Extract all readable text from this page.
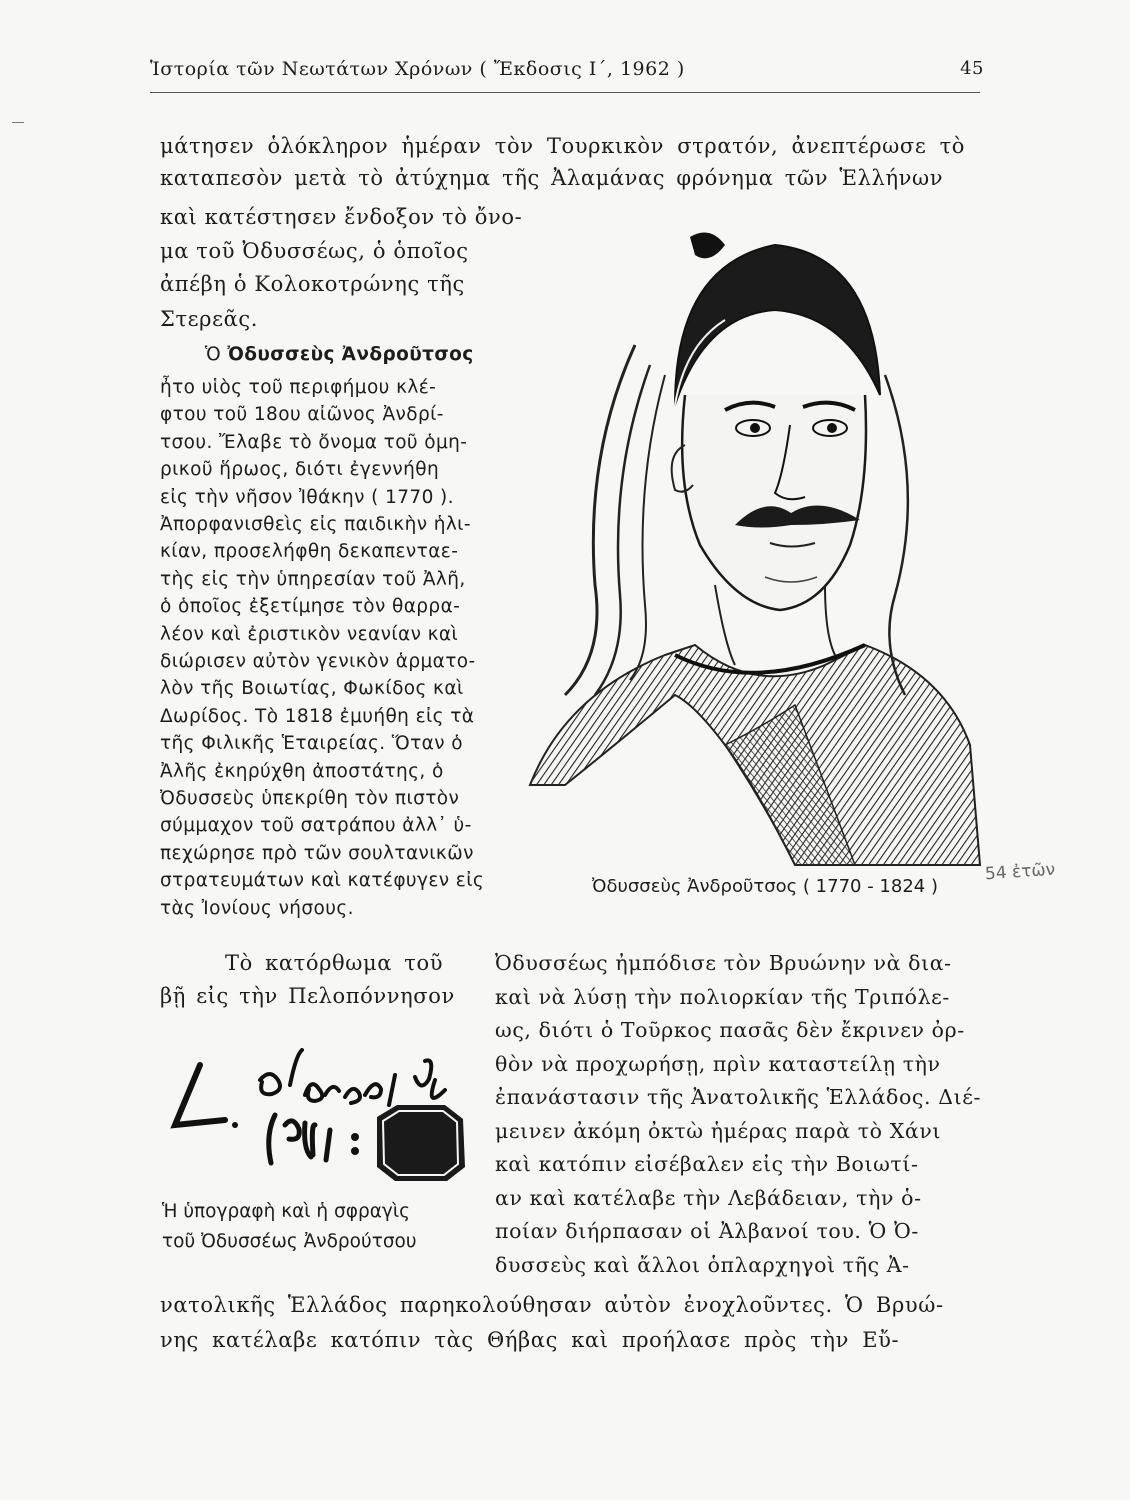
Ἱστορία τῶν Νεωτάτων Χρόνων ( Ἔκδοσις Ι΄, 1962 )	45
μάτησεν ὁλόκληρον ἡμέραν τὸν Τουρκικὸν στρατόν, ἀνεπτέρωσε τὸ
καταπεσὸν μετὰ τὸ ἀτύχημα τῆς Ἀλαμάνας φρόνημα τῶν Ἑλλήνων
καὶ κατέστησεν ἔνδοξον τὸ ὄνο-
μα τοῦ Ὀδυσσέως, ὁ ὁποῖος
ἀπέβη ὁ Κολοκοτρώνης τῆς
Στερεᾶς.
Ὁ Ὀδυσσεὺς Ἀνδροῦτσος
ἦτο υἱὸς τοῦ περιφήμου κλέ-
φτου τοῦ 18ου αἰῶνος Ἀνδρί-
τσου. Ἔλαβε τὸ ὄνομα τοῦ ὁμη-
ρικοῦ ἥρωος, διότι ἐγεννήθη
εἰς τὴν νῆσον Ἰθάκην ( 1770 ).
Ἀπορφανισθεὶς εἰς παιδικὴν ἡλι-
κίαν, προσελήφθη δεκαπενταε-
τὴς εἰς τὴν ὑπηρεσίαν τοῦ Ἀλῆ,
ὁ ὁποῖος ἐξετίμησε τὸν θαρρα-
λέον καὶ ἐριστικὸν νεανίαν καὶ
διώρισεν αὐτὸν γενικὸν ἁρματο-
λὸν τῆς Βοιωτίας, Φωκίδος καὶ
Δωρίδος. Τὸ 1818 ἐμυήθη εἰς τὰ
τῆς Φιλικῆς Ἑταιρείας. Ὅταν ὁ
Ἀλῆς ἐκηρύχθη ἀποστάτης, ὁ
Ὀδυσσεὺς ὑπεκρίθη τὸν πιστὸν
σύμμαχον τοῦ σατράπου ἀλλ᾽ ὑ-
πεχώρησε πρὸ τῶν σουλτανικῶν
στρατευμάτων καὶ κατέφυγεν εἰς
τὰς Ἰονίους νήσους.
Ὀδυσσεὺς Ἀνδροῦτσος ( 1770 - 1824 )
54 ἐτῶν
Τὸ κατόρθωμα τοῦ
βῇ εἰς τὴν Πελοπόννησον
Ὀδυσσέως ἠμπόδισε τὸν Βρυώνην νὰ δια-
καὶ νὰ λύσῃ τὴν πολιορκίαν τῆς Τριπόλε-
ως, διότι ὁ Τοῦρκος πασᾶς δὲν ἔκρινεν ὀρ-
θὸν νὰ προχωρήσῃ, πρὶν καταστείλῃ τὴν
ἐπανάστασιν τῆς Ἀνατολικῆς Ἑλλάδος. Διέ-
μεινεν ἀκόμη ὀκτὼ ἡμέρας παρὰ τὸ Χάνι
καὶ κατόπιν εἰσέβαλεν εἰς τὴν Βοιωτί-
αν καὶ κατέλαβε τὴν Λεβάδειαν, τὴν ὁ-
ποίαν διήρπασαν οἱ Ἀλβανοί του. Ὁ Ὀ-
δυσσεὺς καὶ ἄλλοι ὁπλαρχηγοὶ τῆς Ἀ-
Ἡ ὑπογραφὴ καὶ ἡ σφραγὶς
τοῦ Ὀδυσσέως Ἀνδρούτσου
νατολικῆς Ἑλλάδος παρηκολούθησαν αὐτὸν ἐνοχλοῦντες. Ὁ Βρυώ-
νης κατέλαβε κατόπιν τὰς Θήβας καὶ προήλασε πρὸς τὴν Εὔ-
